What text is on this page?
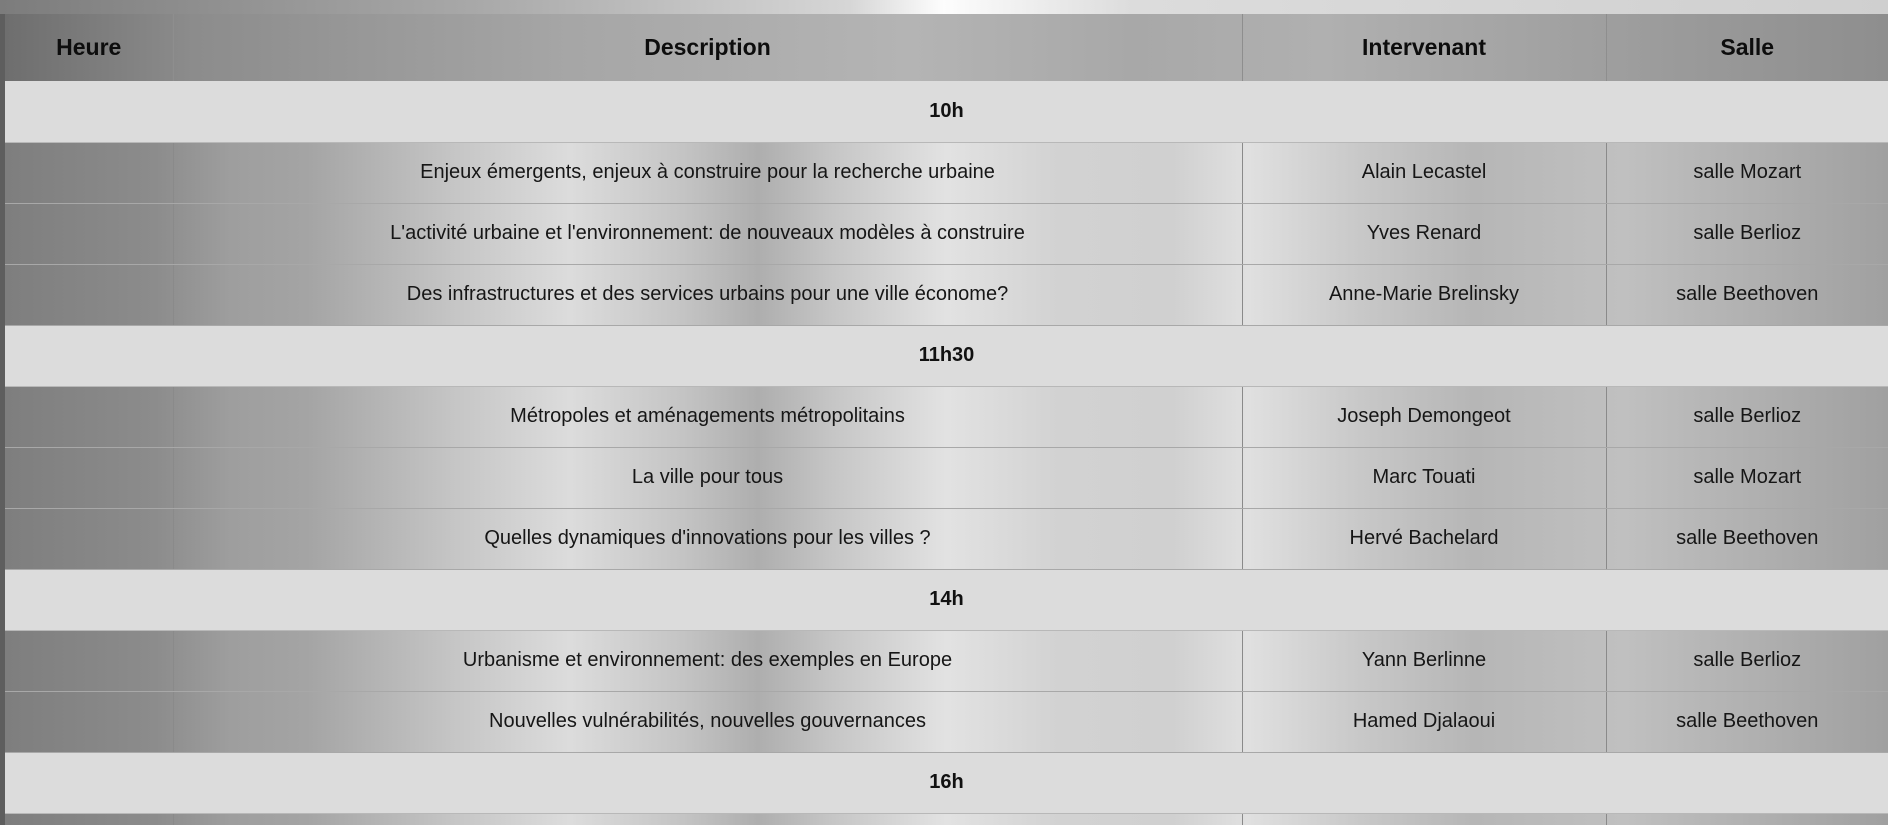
Heure	Description	Intervenant	Salle
10h			
	Enjeux émergents, enjeux à construire pour la recherche urbaine	Alain Lecastel	salle Mozart
	L'activité urbaine et l'environnement: de nouveaux modèles à construire	Yves Renard	salle Berlioz
	Des infrastructures et des services urbains pour une ville économe?	Anne-Marie Brelinsky	salle Beethoven
11h30			
	Métropoles et aménagements métropolitains	Joseph Demongeot	salle Berlioz
	La ville pour tous	Marc Touati	salle Mozart
	Quelles dynamiques d'innovations pour les villes ?	Hervé Bachelard	salle Beethoven
14h			
	Urbanisme et environnement: des exemples en Europe	Yann Berlinne	salle Berlioz
	Nouvelles vulnérabilités, nouvelles gouvernances	Hamed Djalaoui	salle Beethoven
16h			
